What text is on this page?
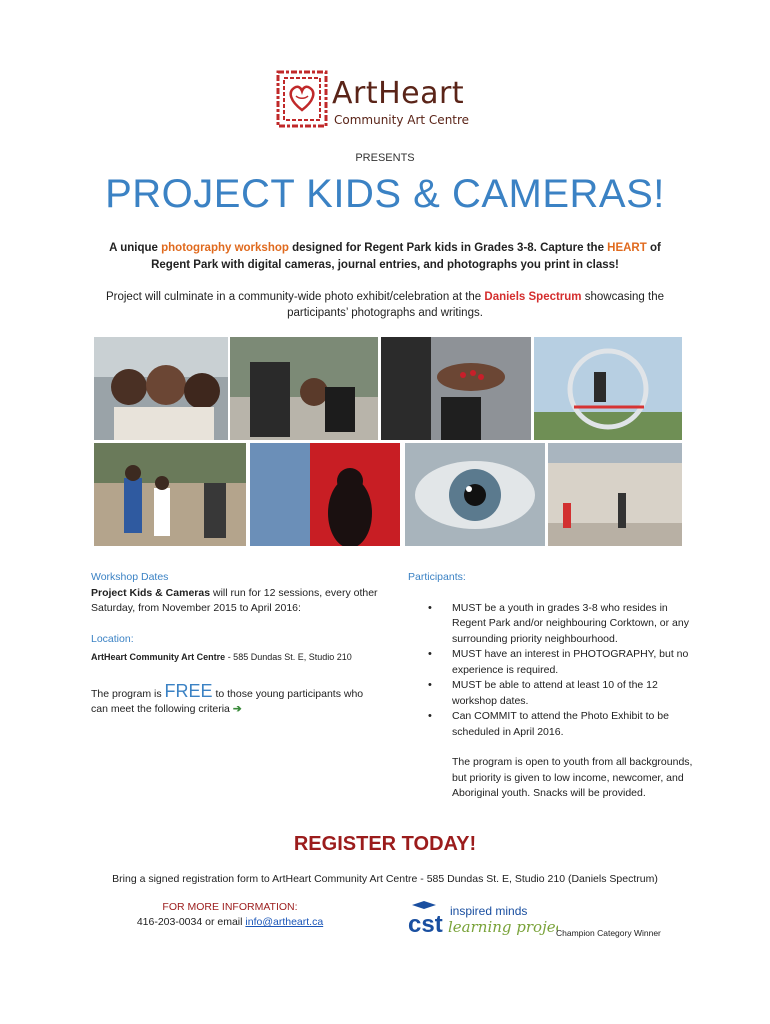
ArtHeart
Community Art Centre
PRESENTS
PROJECT KIDS & CAMERAS!
A unique photography workshop designed for Regent Park kids in Grades 3-8. Capture the HEART of Regent Park with digital cameras, journal entries, and photographs you print in class!
Project will culminate in a community-wide photo exhibit/celebration at the Daniels Spectrum showcasing the participants’ photographs and writings.
Workshop Dates
Project Kids & Cameras will run for 12 sessions, every other Saturday, from November 2015 to April 2016:
Location:
ArtHeart Community Art Centre - 585 Dundas St. E, Studio 210
The program is FREE to those young participants who can meet the following criteria ➔
Participants:
• MUST be a youth in grades 3-8 who resides in Regent Park and/or neighbouring Corktown, or any surrounding priority neighbourhood.
• MUST have an interest in PHOTOGRAPHY, but no experience is required.
• MUST be able to attend at least 10 of the 12 workshop dates.
• Can COMMIT to attend the Photo Exhibit to be scheduled in April 2016.
The program is open to youth from all backgrounds, but priority is given to low income, newcomer, and Aboriginal youth. Snacks will be provided.
REGISTER TODAY!
Bring a signed registration form to ArtHeart Community Art Centre - 585 Dundas St. E, Studio 210 (Daniels Spectrum)
FOR MORE INFORMATION:
416-203-0034 or email info@artheart.ca	cst inspired minds
learning project
Champion Category Winner
